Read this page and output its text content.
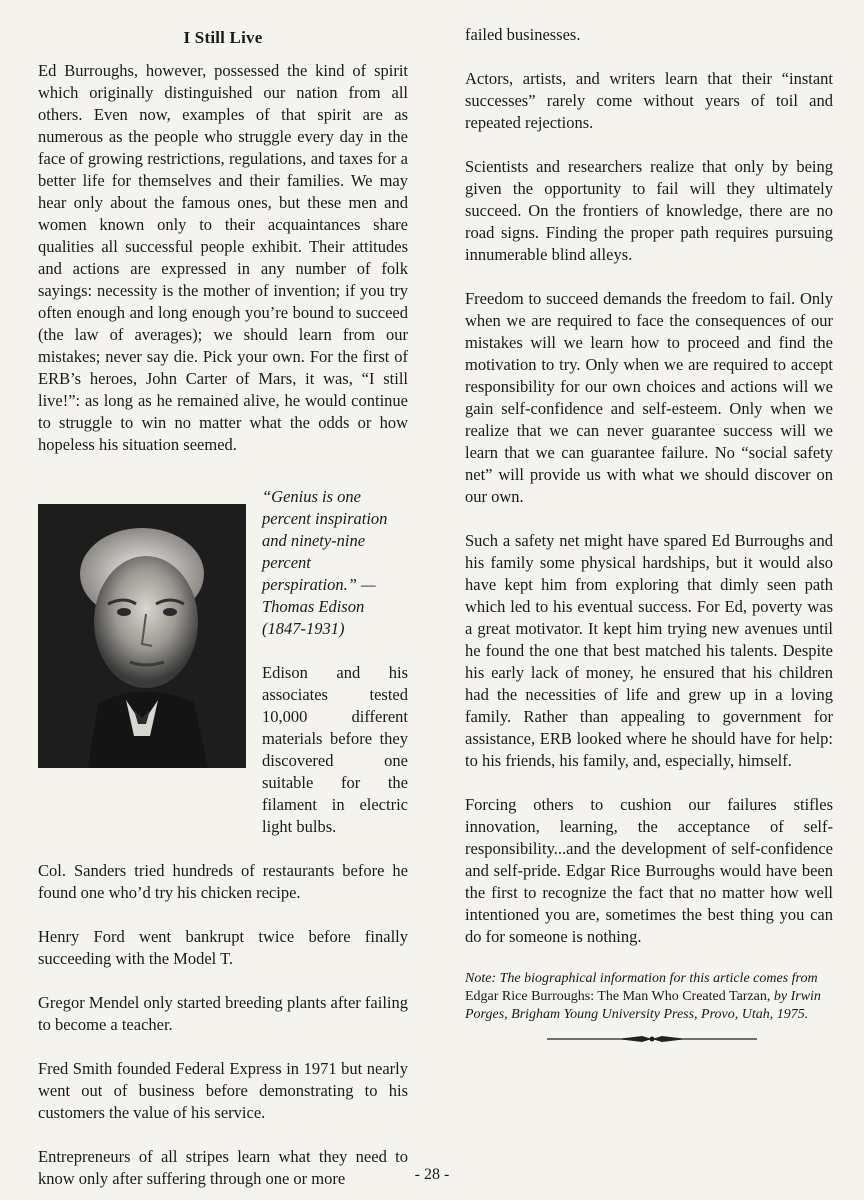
I Still Live

Ed Burroughs, however, possessed the kind of spirit which originally distinguished our nation from all others. Even now, examples of that spirit are as numerous as the people who struggle every day in the face of growing restrictions, regulations, and taxes for a better life for themselves and their families. We may hear only about the famous ones, but these men and women known only to their acquaintances share qualities all successful people exhibit. Their attitudes and actions are expressed in any number of folk sayings: necessity is the mother of invention; if you try often enough and long enough you’re bound to succeed (the law of averages); we should learn from our mistakes; never say die. Pick your own. For the first of ERB’s heroes, John Carter of Mars, it was, “I still live!”: as long as he remained alive, he would continue to struggle to win no matter what the odds or how hopeless his situation seemed.

“Genius is one percent inspiration and ninety-nine percent perspiration.” —Thomas Edison (1847-1931)

Edison and his associates tested 10,000 different materials before they discovered one suitable for the filament in electric light bulbs.

Col. Sanders tried hundreds of restaurants before he found one who’d try his chicken recipe.

Henry Ford went bankrupt twice before finally succeeding with the Model T.

Gregor Mendel only started breeding plants after failing to become a teacher.

Fred Smith founded Federal Express in 1971 but nearly went out of business before demonstrating to his customers the value of his service.

Entrepreneurs of all stripes learn what they need to know only after suffering through one or more

failed businesses.

Actors, artists, and writers learn that their “instant successes” rarely come without years of toil and repeated rejections.

Scientists and researchers realize that only by being given the opportunity to fail will they ultimately succeed. On the frontiers of knowledge, there are no road signs. Finding the proper path requires pursuing innumerable blind alleys.

Freedom to succeed demands the freedom to fail. Only when we are required to face the consequences of our mistakes will we learn how to proceed and find the motivation to try. Only when we are required to accept responsibility for our own choices and actions will we gain self-confidence and self-esteem. Only when we realize that we can never guarantee success will we learn that we can guarantee failure. No “social safety net” will provide us with what we should discover on our own.

Such a safety net might have spared Ed Burroughs and his family some physical hardships, but it would also have kept him from exploring that dimly seen path which led to his eventual success. For Ed, poverty was a great motivator. It kept him trying new avenues until he found the one that best matched his talents. Despite his early lack of money, he ensured that his children had the necessities of life and grew up in a loving family. Rather than appealing to government for assistance, ERB looked where he should have for help: to his friends, his family, and, especially, himself.

Forcing others to cushion our failures stifles innovation, learning, the acceptance of self-responsibility...and the development of self-confidence and self-pride. Edgar Rice Burroughs would have been the first to recognize the fact that no matter how well intentioned you are, sometimes the best thing you can do for someone is nothing.

Note: The biographical information for this article comes from Edgar Rice Burroughs: The Man Who Created Tarzan, by Irwin Porges, Brigham Young University Press, Provo, Utah, 1975.
- 28 -
